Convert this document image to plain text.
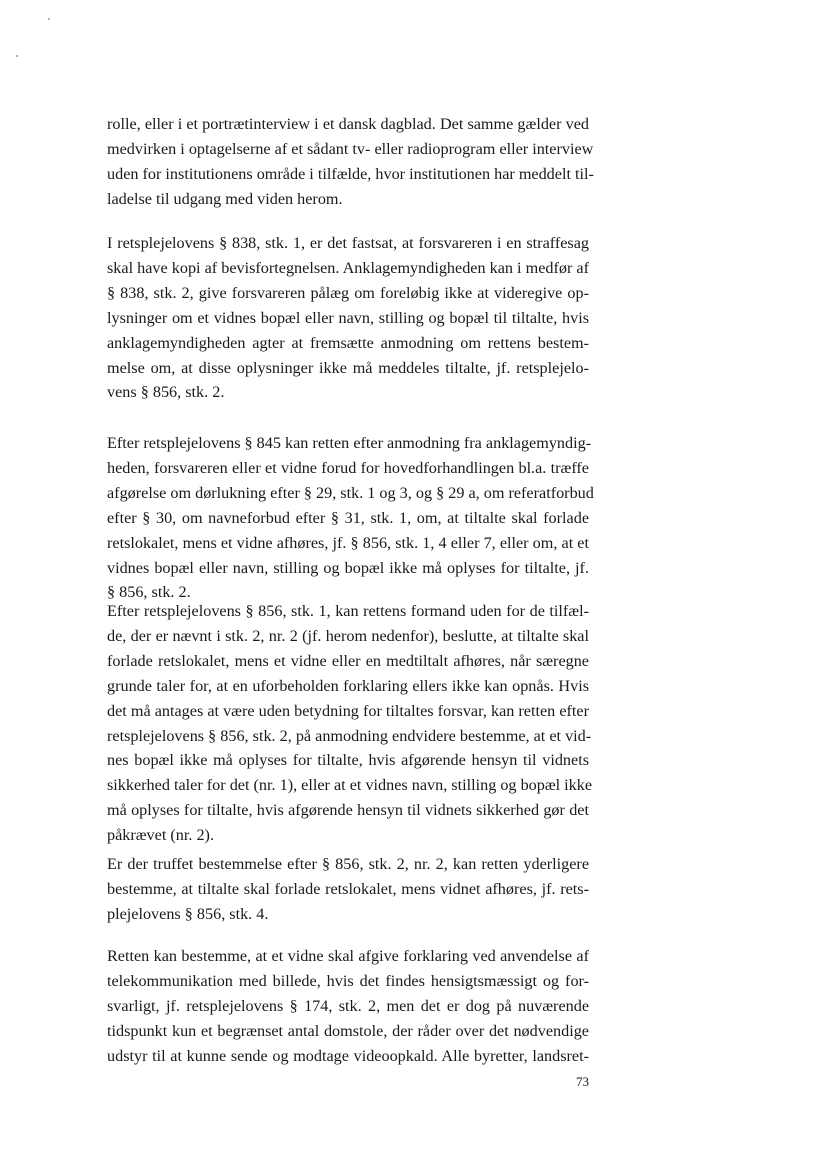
rolle, eller i et portrætinterview i et dansk dagblad. Det samme gælder ved
medvirken i optagelserne af et sådant tv- eller radioprogram eller interview
uden for institutionens område i tilfælde, hvor institutionen har meddelt til-
ladelse til udgang med viden herom.
I retsplejelovens § 838, stk. 1, er det fastsat, at forsvareren i en straffesag
skal have kopi af bevisfortegnelsen. Anklagemyndigheden kan i medfør af
§ 838, stk. 2, give forsvareren pålæg om foreløbig ikke at videregive op-
lysninger om et vidnes bopæl eller navn, stilling og bopæl til tiltalte, hvis
anklagemyndigheden agter at fremsætte anmodning om rettens bestem-
melse om, at disse oplysninger ikke må meddeles tiltalte, jf. retsplejelo-
vens § 856, stk. 2.
Efter retsplejelovens § 845 kan retten efter anmodning fra anklagemyndig-
heden, forsvareren eller et vidne forud for hovedforhandlingen bl.a. træffe
afgørelse om dørlukning efter § 29, stk. 1 og 3, og § 29 a, om referatforbud
efter § 30, om navneforbud efter § 31, stk. 1, om, at tiltalte skal forlade
retslokalet, mens et vidne afhøres, jf. § 856, stk. 1, 4 eller 7, eller om, at et
vidnes bopæl eller navn, stilling og bopæl ikke må oplyses for tiltalte, jf.
§ 856, stk. 2.
Efter retsplejelovens § 856, stk. 1, kan rettens formand uden for de tilfæl-
de, der er nævnt i stk. 2, nr. 2 (jf. herom nedenfor), beslutte, at tiltalte skal
forlade retslokalet, mens et vidne eller en medtiltalt afhøres, når særegne
grunde taler for, at en uforbeholden forklaring ellers ikke kan opnås. Hvis
det må antages at være uden betydning for tiltaltes forsvar, kan retten efter
retsplejelovens § 856, stk. 2, på anmodning endvidere bestemme, at et vid-
nes bopæl ikke må oplyses for tiltalte, hvis afgørende hensyn til vidnets
sikkerhed taler for det (nr. 1), eller at et vidnes navn, stilling og bopæl ikke
må oplyses for tiltalte, hvis afgørende hensyn til vidnets sikkerhed gør det
påkrævet (nr. 2).
Er der truffet bestemmelse efter § 856, stk. 2, nr. 2, kan retten yderligere
bestemme, at tiltalte skal forlade retslokalet, mens vidnet afhøres, jf. rets-
plejelovens § 856, stk. 4.
Retten kan bestemme, at et vidne skal afgive forklaring ved anvendelse af
telekommunikation med billede, hvis det findes hensigtsmæssigt og for-
svarligt, jf. retsplejelovens § 174, stk. 2, men det er dog på nuværende
tidspunkt kun et begrænset antal domstole, der råder over det nødvendige
udstyr til at kunne sende og modtage videoopkald. Alle byretter, landsret-
73
